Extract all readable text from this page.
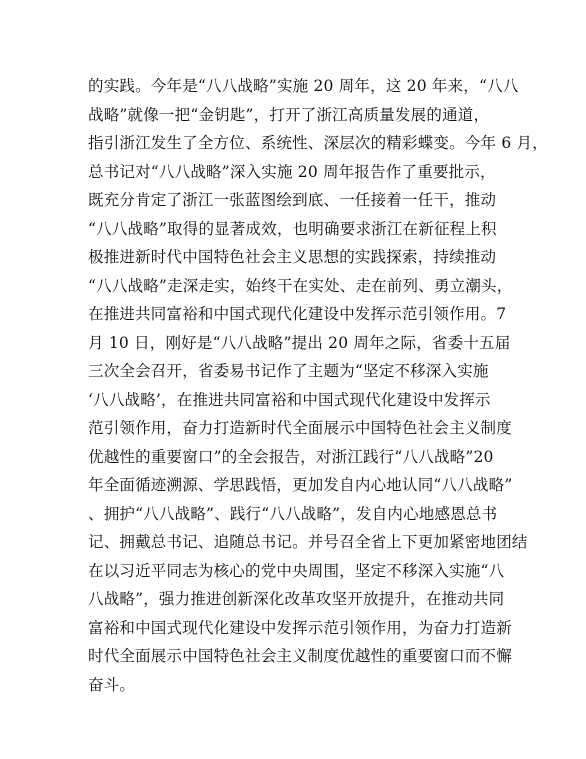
的实践。今年是“八八战略”实施 20 周年，这 20 年来，“八八
战略”就像一把“金钥匙”，打开了浙江高质量发展的通道，
指引浙江发生了全方位、系统性、深层次的精彩蝶变。今年 6 月，
总书记对“八八战略”深入实施 20 周年报告作了重要批示，
既充分肯定了浙江一张蓝图绘到底、一任接着一任干，推动
“八八战略”取得的显著成效，也明确要求浙江在新征程上积
极推进新时代中国特色社会主义思想的实践探索，持续推动
“八八战略”走深走实，始终干在实处、走在前列、勇立潮头，
在推进共同富裕和中国式现代化建设中发挥示范引领作用。7
月 10 日，刚好是“八八战略”提出 20 周年之际，省委十五届
三次全会召开，省委易书记作了主题为“坚定不移深入实施
‘八八战略’，在推进共同富裕和中国式现代化建设中发挥示
范引领作用，奋力打造新时代全面展示中国特色社会主义制度
优越性的重要窗口”的全会报告，对浙江践行“八八战略”20
年全面循迹溯源、学思践悟，更加发自内心地认同“八八战略”
、拥护“八八战略”、践行“八八战略”，发自内心地感恩总书
记、拥戴总书记、追随总书记。并号召全省上下更加紧密地团结
在以习近平同志为核心的党中央周围，坚定不移深入实施“八
八战略”，强力推进创新深化改革攻坚开放提升，在推动共同
富裕和中国式现代化建设中发挥示范引领作用，为奋力打造新
时代全面展示中国特色社会主义制度优越性的重要窗口而不懈
奋斗。
